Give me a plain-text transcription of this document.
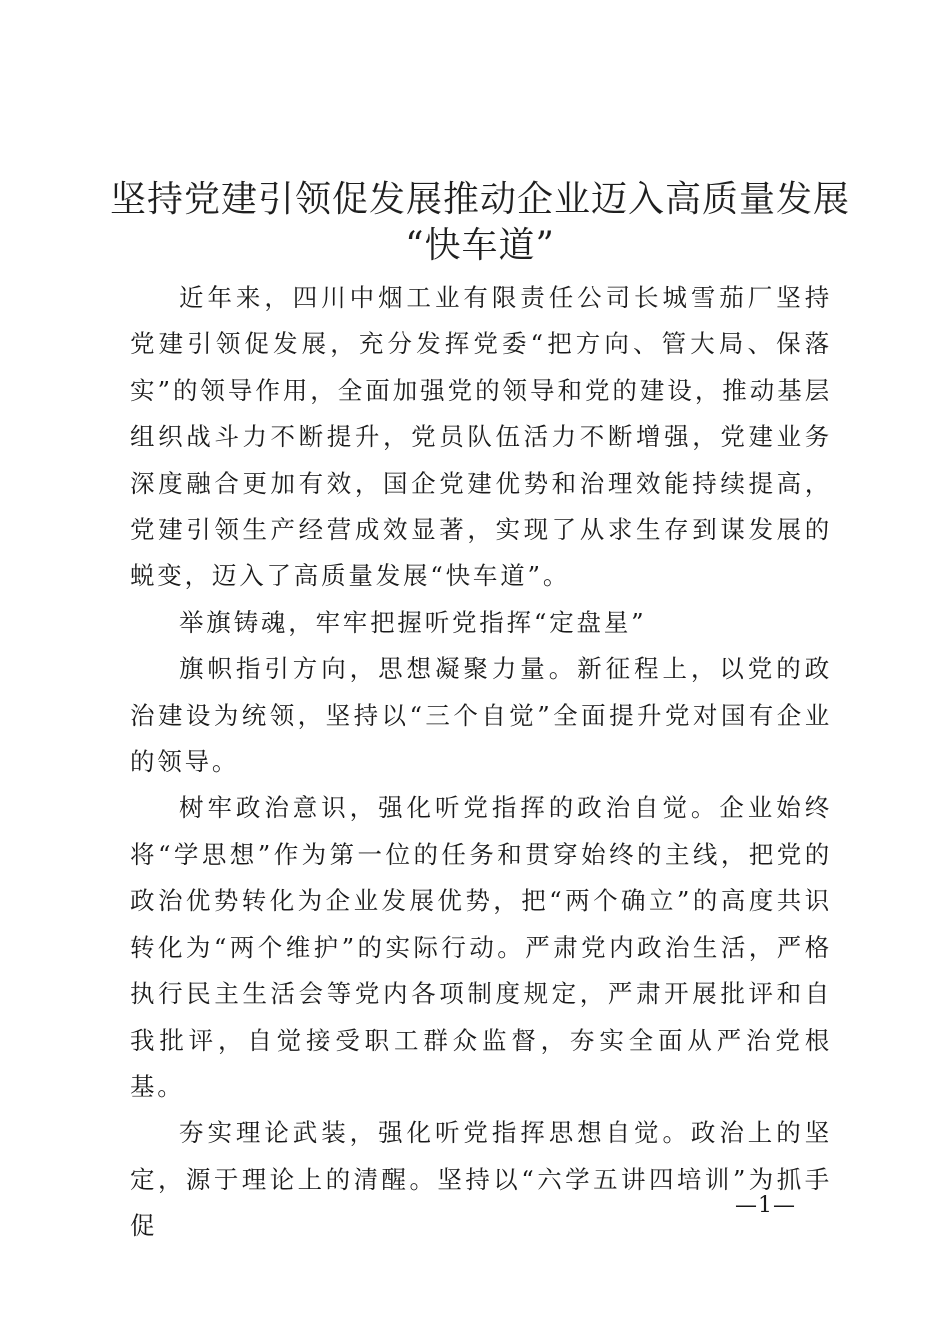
坚持党建引领促发展推动企业迈入高质量发展
“快车道”

近年来，四川中烟工业有限责任公司长城雪茄厂坚持党建引领促发展，充分发挥党委“把方向、管大局、保落实”的领导作用，全面加强党的领导和党的建设，推动基层组织战斗力不断提升，党员队伍活力不断增强，党建业务深度融合更加有效，国企党建优势和治理效能持续提高，党建引领生产经营成效显著，实现了从求生存到谋发展的蜕变，迈入了高质量发展“快车道”。

举旗铸魂，牢牢把握听党指挥“定盘星”

旗帜指引方向，思想凝聚力量。新征程上，以党的政治建设为统领，坚持以“三个自觉”全面提升党对国有企业的领导。

树牢政治意识，强化听党指挥的政治自觉。企业始终将“学思想”作为第一位的任务和贯穿始终的主线，把党的政治优势转化为企业发展优势，把“两个确立”的高度共识转化为“两个维护”的实际行动。严肃党内政治生活，严格执行民主生活会等党内各项制度规定，严肃开展批评和自我批评，自觉接受职工群众监督，夯实全面从严治党根基。

夯实理论武装，强化听党指挥思想自觉。政治上的坚定，源于理论上的清醒。坚持以“六学五讲四培训”为抓手促

—1—
